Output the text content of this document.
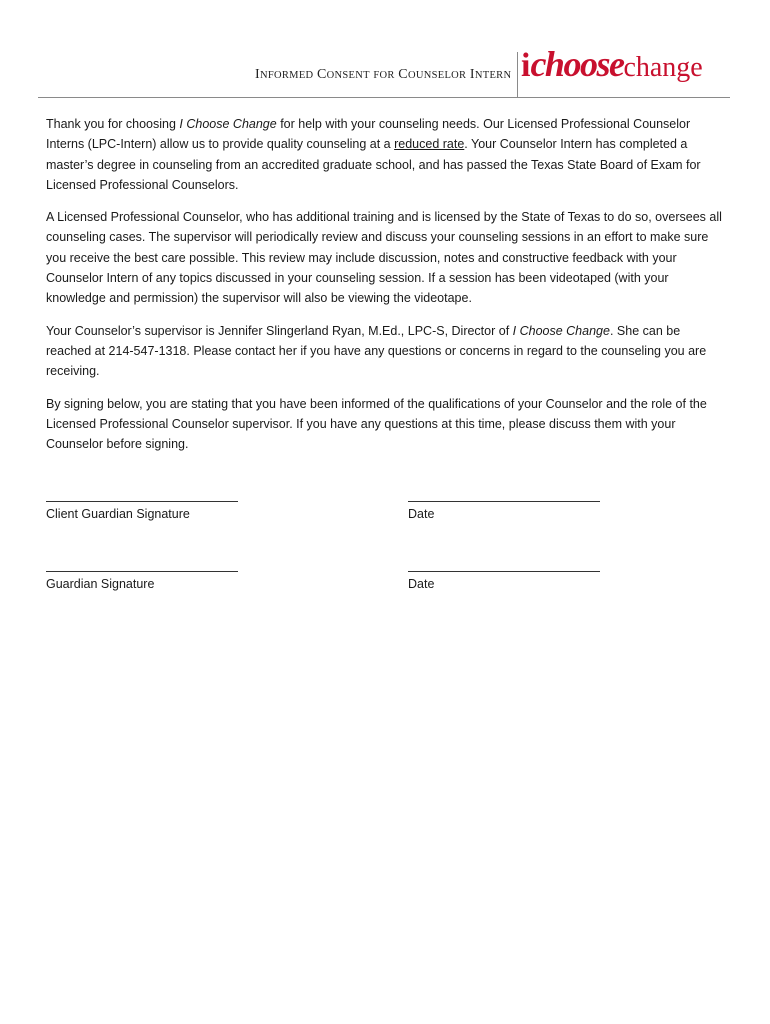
INFORMED CONSENT FOR COUNSELOR INTERN ichoosechange

Thank you for choosing I Choose Change for help with your counseling needs. Our Licensed Professional Counselor Interns (LPC-Intern) allow us to provide quality counseling at a reduced rate. Your Counselor Intern has completed a master’s degree in counseling from an accredited graduate school, and has passed the Texas State Board of Exam for Licensed Professional Counselors.

A Licensed Professional Counselor, who has additional training and is licensed by the State of Texas to do so, oversees all counseling cases. The supervisor will periodically review and discuss your counseling sessions in an effort to make sure you receive the best care possible. This review may include discussion, notes and constructive feedback with your Counselor Intern of any topics discussed in your counseling session. If a session has been videotaped (with your knowledge and permission) the supervisor will also be viewing the videotape.

Your Counselor’s supervisor is Jennifer Slingerland Ryan, M.Ed., LPC-S, Director of I Choose Change. She can be reached at 214-547-1318. Please contact her if you have any questions or concerns in regard to the counseling you are receiving.

By signing below, you are stating that you have been informed of the qualifications of your Counselor and the role of the Licensed Professional Counselor supervisor. If you have any questions at this time, please discuss them with your Counselor before signing.

Client Guardian Signature	Date
Guardian Signature	Date
